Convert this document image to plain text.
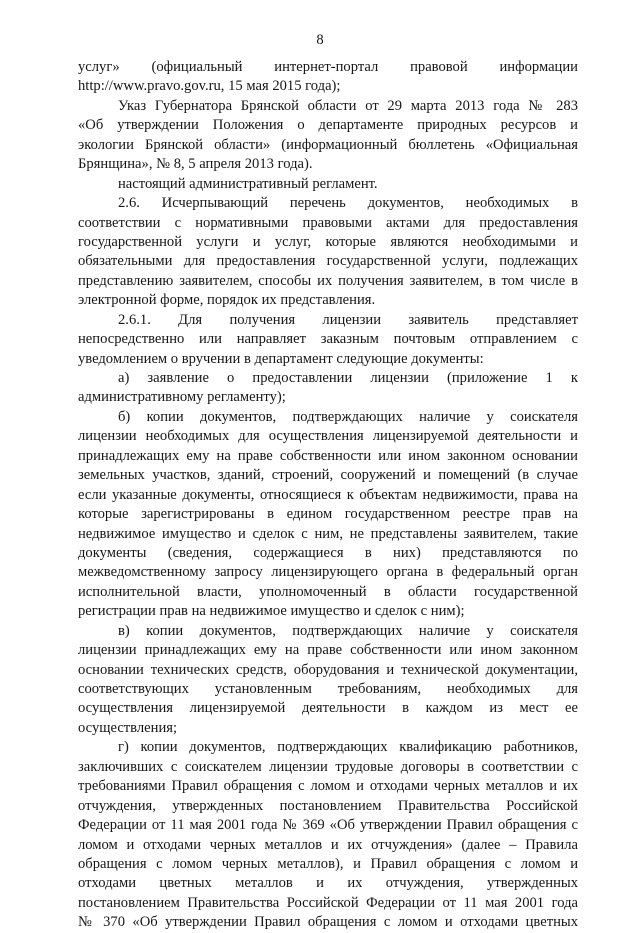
8
услуг» (официальный интернет-портал правовой информации
http://www.pravo.gov.ru, 15 мая 2015 года);
Указ Губернатора Брянской области от 29 марта 2013 года № 283
«Об утверждении Положения о департаменте природных ресурсов и
экологии Брянской области» (информационный бюллетень «Официальная
Брянщина», № 8, 5 апреля 2013 года).
настоящий административный регламент.
2.6. Исчерпывающий перечень документов, необходимых в
соответствии с нормативными правовыми актами для предоставления
государственной услуги и услуг, которые являются необходимыми и
обязательными для предоставления государственной услуги, подлежащих
представлению заявителем, способы их получения заявителем, в том числе в
электронной форме, порядок их представления.
2.6.1. Для получения лицензии заявитель представляет
непосредственно или направляет заказным почтовым отправлением с
уведомлением о вручении в департамент следующие документы:
а) заявление о предоставлении лицензии (приложение 1 к
административному регламенту);
б) копии документов, подтверждающих наличие у соискателя
лицензии необходимых для осуществления лицензируемой деятельности и
принадлежащих ему на праве собственности или ином законном основании
земельных участков, зданий, строений, сооружений и помещений (в случае
если указанные документы, относящиеся к объектам недвижимости, права на
которые зарегистрированы в едином государственном реестре прав на
недвижимое имущество и сделок с ним, не представлены заявителем, такие
документы (сведения, содержащиеся в них) представляются по
межведомственному запросу лицензирующего органа в федеральный орган
исполнительной власти, уполномоченный в области государственной
регистрации прав на недвижимое имущество и сделок с ним);
в) копии документов, подтверждающих наличие у соискателя
лицензии принадлежащих ему на праве собственности или ином законном
основании технических средств, оборудования и технической документации,
соответствующих установленным требованиям, необходимых для
осуществления лицензируемой деятельности в каждом из мест ее
осуществления;
г) копии документов, подтверждающих квалификацию работников,
заключивших с соискателем лицензии трудовые договоры в соответствии с
требованиями Правил обращения с ломом и отходами черных металлов и их
отчуждения, утвержденных постановлением Правительства Российской
Федерации от 11 мая 2001 года № 369 «Об утверждении Правил обращения с
ломом и отходами черных металлов и их отчуждения» (далее – Правила
обращения с ломом черных металлов), и Правил обращения с ломом и
отходами цветных металлов и их отчуждения, утвержденных
постановлением Правительства Российской Федерации от 11 мая 2001 года
№ 370 «Об утверждении Правил обращения с ломом и отходами цветных
